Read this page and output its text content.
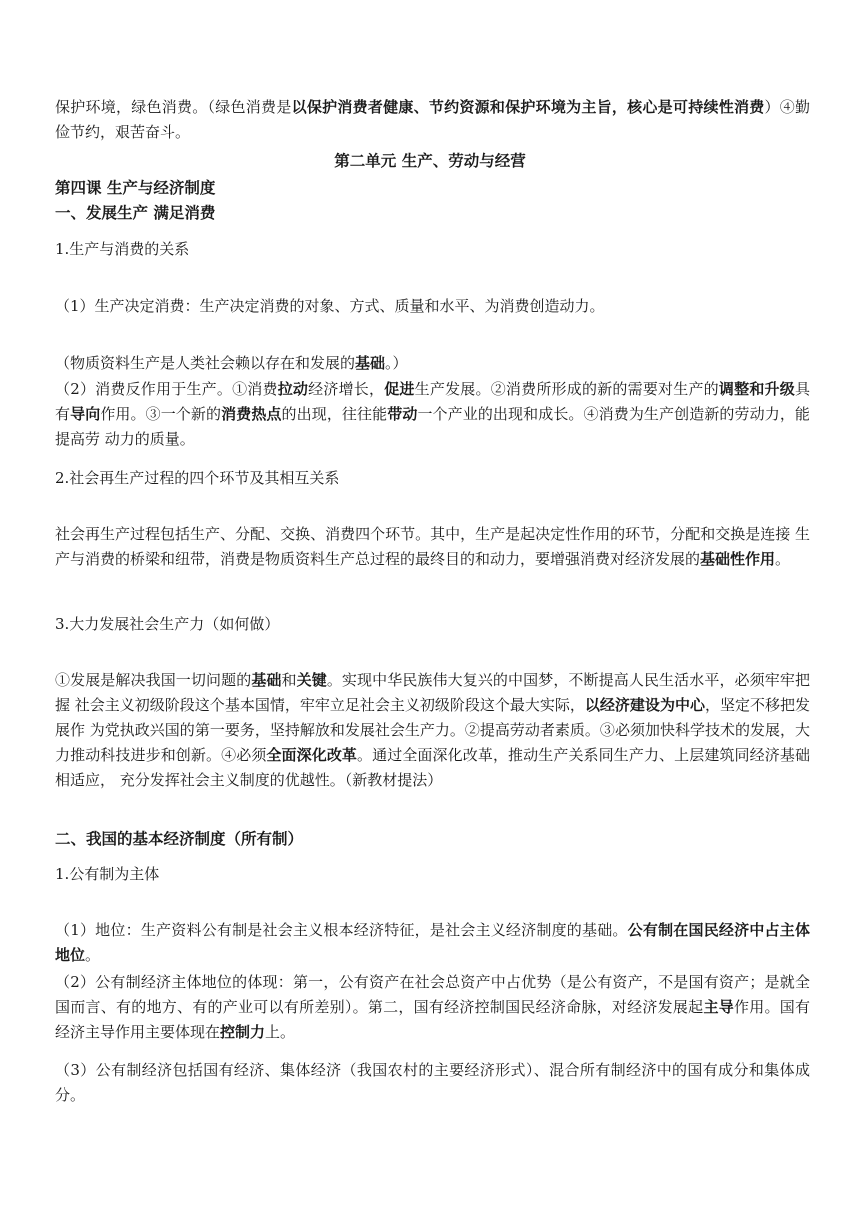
保护环境，绿色消费。（绿色消费是以保护消费者健康、节约资源和保护环境为主旨，核心是可持续性消费）④勤俭节约，艰苦奋斗。
第二单元 生产、劳动与经营
第四课 生产与经济制度
一、发展生产 满足消费
1.生产与消费的关系
（1）生产决定消费：生产决定消费的对象、方式、质量和水平、为消费创造动力。
（物质资料生产是人类社会赖以存在和发展的基础。）
（2）消费反作用于生产。①消费拉动经济增长，促进生产发展。②消费所形成的新的需要对生产的调整和升级具有导向作用。③一个新的消费热点的出现，往往能带动一个产业的出现和成长。④消费为生产创造新的劳动力，能提高劳 动力的质量。
2.社会再生产过程的四个环节及其相互关系
社会再生产过程包括生产、分配、交换、消费四个环节。其中，生产是起决定性作用的环节，分配和交换是连接 生产与消费的桥梁和纽带，消费是物质资料生产总过程的最终目的和动力，要增强消费对经济发展的基础性作用。
3.大力发展社会生产力（如何做）
①发展是解决我国一切问题的基础和关键。实现中华民族伟大复兴的中国梦，不断提高人民生活水平，必须牢牢把握 社会主义初级阶段这个基本国情，牢牢立足社会主义初级阶段这个最大实际，以经济建设为中心，坚定不移把发展作 为党执政兴国的第一要务，坚持解放和发展社会生产力。②提高劳动者素质。③必须加快科学技术的发展，大力推动科技进步和创新。④必须全面深化改革。通过全面深化改革，推动生产关系同生产力、上层建筑同经济基础相适应， 充分发挥社会主义制度的优越性。（新教材提法）
二、我国的基本经济制度（所有制）
1.公有制为主体
（1）地位：生产资料公有制是社会主义根本经济特征，是社会主义经济制度的基础。公有制在国民经济中占主体地位。
（2）公有制经济主体地位的体现：第一，公有资产在社会总资产中占优势（是公有资产，不是国有资产；是就全国而言、有的地方、有的产业可以有所差别）。第二，国有经济控制国民经济命脉，对经济发展起主导作用。国有经济主导作用主要体现在控制力上。
（3）公有制经济包括国有经济、集体经济（我国农村的主要经济形式）、混合所有制经济中的国有成分和集体成分。
